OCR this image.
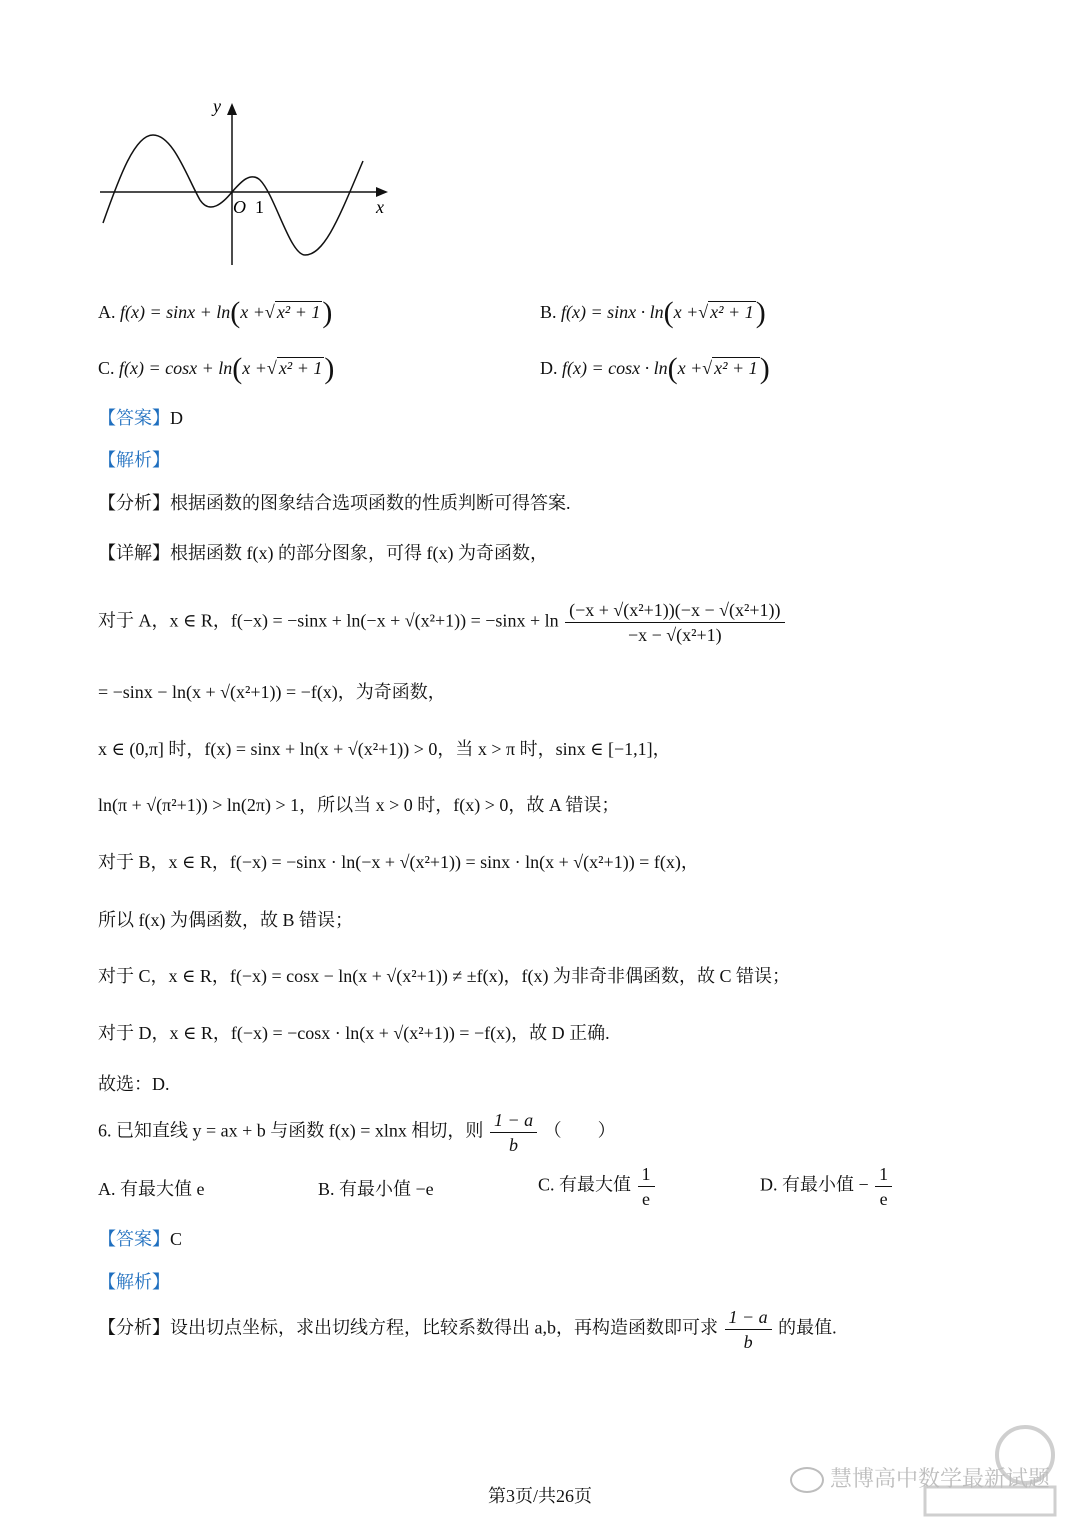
y
x
O 1
A. f(x) = sinx + ln(x +√ x² + 1)	B. f(x) = sinx · ln(x +√ x² + 1)
C. f(x) = cosx + ln(x +√ x² + 1)	D. f(x) = cosx · ln(x +√ x² + 1)
【答案】D
【解析】
【分析】根据函数的图象结合选项函数的性质判断可得答案.
【详解】根据函数 f(x) 的部分图象，可得 f(x) 为奇函数，
对于 A，x ∈ R，$f(-x) = -\sin x + \ln(-x + √(x^2+1)) = -\sin x + \ln \frac{\text{(−x + √(x²+1))(−x − √(x²+1))}}{\text{−x − √(x²+1)}}$
= −sinx − ln(x + √(x²+1)) = −f(x)，为奇函数，
x ∈ (0,π] 时，f(x) = sinx + ln(x + √(x²+1)) > 0，当 x > π 时，sinx ∈ [−1,1]，
ln(π + √(π²+1)) > ln(2π) > 1，所以当 x > 0 时，f(x) > 0，故 A 错误；
对于 B，x ∈ R，f(−x) = −sinx · ln(−x + √(x²+1)) = sinx · ln(x + √(x²+1)) = f(x)，
所以 f(x) 为偶函数，故 B 错误；
对于 C，x ∈ R，f(−x) = cosx − ln(x + √(x²+1)) ≠ ±f(x)，f(x) 为非奇非偶函数，故 C 错误；
对于 D，x ∈ R，f(−x) = −cosx · ln(x + √(x²+1)) = −f(x)，故 D 正确.
故选：D.
6. 已知直线 y = ax + b 与函数 f(x) = xlnx 相切，则 $\frac{1 - a}{b}$ （　　）
A. 有最大值 e	B. 有最小值 −e	C. 有最大值 $\frac{1}{e}$	D. 有最小值 − $\frac{1}{e}$
【答案】C
【解析】
【分析】设出切点坐标，求出切线方程，比较系数得出 a,b，再构造函数即可求 $\frac{1 - a}{b}$ 的最值.
第3页/共26页
慧博高中数学最新试题
